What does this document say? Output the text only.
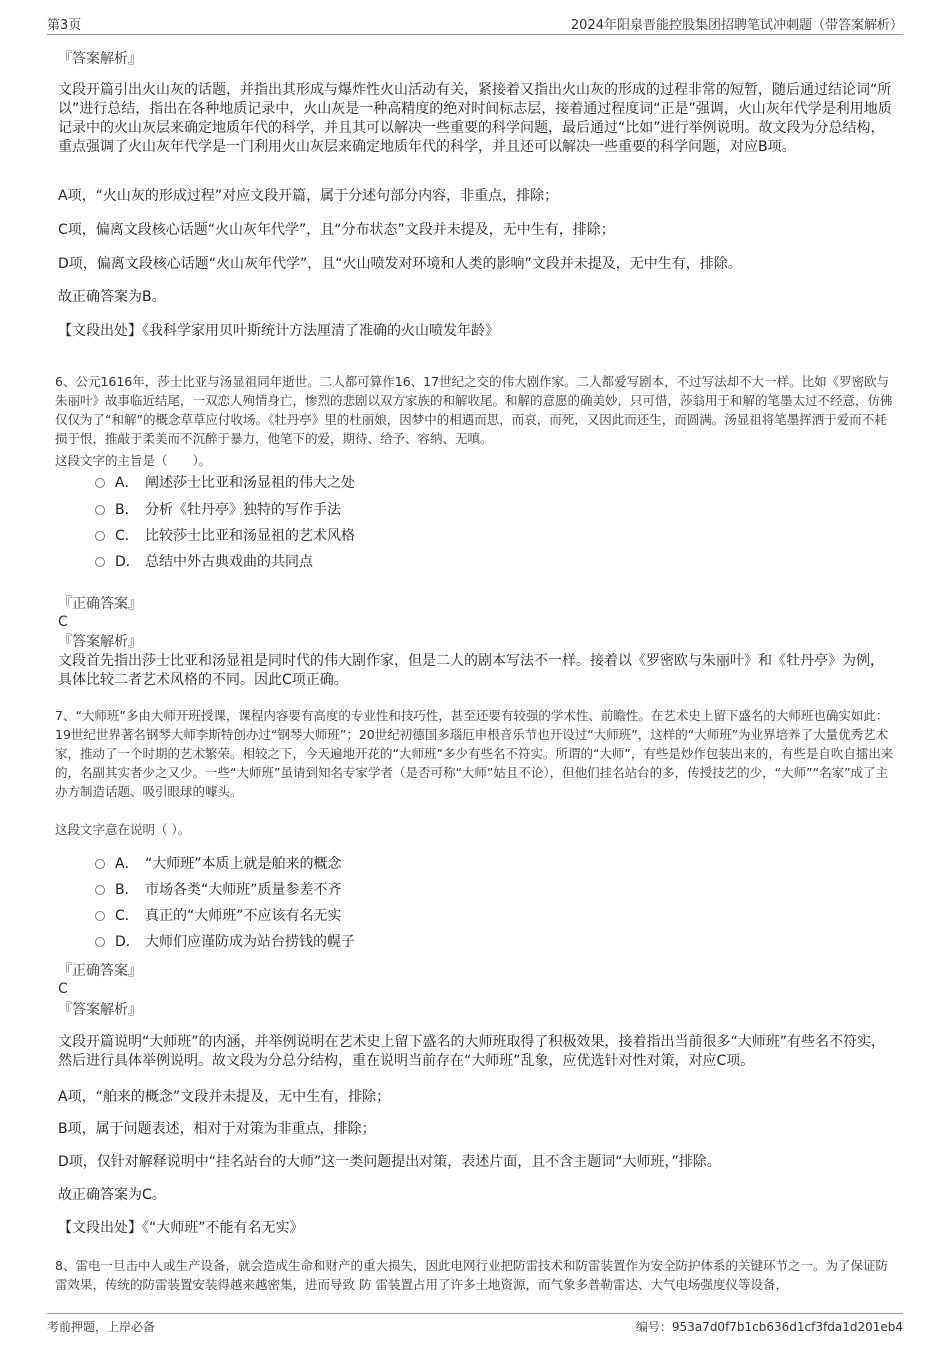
第3页	2024年阳泉晋能控股集团招聘笔试冲刺题（带答案解析）
『答案解析』

文段开篇引出火山灰的话题，并指出其形成与爆炸性火山活动有关，紧接着又指出火山灰的形成的过程非常的短暂，随后通过结论词“所以”进行总结，指出在各种地质记录中，火山灰是一种高精度的绝对时间标志层，接着通过程度词“正是”强调，火山灰年代学是利用地质记录中的火山灰层来确定地质年代的科学，并且其可以解决一些重要的科学问题，最后通过“比如”进行举例说明。故文段为分总结构，重点强调了火山灰年代学是一门利用火山灰层来确定地质年代的科学，并且还可以解决一些重要的科学问题，对应B项。

A项，“火山灰的形成过程”对应文段开篇，属于分述句部分内容，非重点，排除；

C项，偏离文段核心话题“火山灰年代学”，且“分布状态”文段并未提及，无中生有，排除；

D项，偏离文段核心话题“火山灰年代学”，且“火山喷发对环境和人类的影响”文段并未提及，无中生有，排除。

故正确答案为B。

【文段出处】《我科学家用贝叶斯统计方法厘清了准确的火山喷发年龄》

6、公元1616年，莎士比亚与汤显祖同年逝世。二人都可算作16、17世纪之交的伟大剧作家。二人都爱写剧本，不过写法却不大一样。比如《罗密欧与朱丽叶》故事临近结尾，一双恋人殉情身亡，惨烈的悲剧以双方家族的和解收尾。和解的意愿的确美妙，只可惜，莎翁用于和解的笔墨太过不经意，仿佛仅仅为了“和解”的概念草草应付收场。《牡丹亭》里的杜丽娘，因梦中的相遇而思，而哀，而死，又因此而还生，而圆满。汤显祖将笔墨挥洒于爱而不耗损于恨，推敲于柔美而不沉醉于暴力，他笔下的爱，期待、给予、容纳、无嗔。

这段文字的主旨是（　　）。

A． 阐述莎士比亚和汤显祖的伟大之处
B． 分析《牡丹亭》独特的写作手法
C． 比较莎士比亚和汤显祖的艺术风格
D． 总结中外古典戏曲的共同点
『正确答案』
C
『答案解析』

文段首先指出莎士比亚和汤显祖是同时代的伟大剧作家，但是二人的剧本写法不一样。接着以《罗密欧与朱丽叶》和《牡丹亭》为例，具体比较二者艺术风格的不同。因此C项正确。

7、“大师班”多由大师开班授课，课程内容要有高度的专业性和技巧性，甚至还要有较强的学术性、前瞻性。在艺术史上留下盛名的大师班也确实如此：19世纪世界著名钢琴大师李斯特创办过“钢琴大师班”；20世纪初德国多瑙厄申根音乐节也开设过“大师班”，这样的“大师班”为业界培养了大量优秀艺术家，推动了一个时期的艺术繁荣。相较之下，今天遍地开花的“大师班”多少有些名不符实。所谓的“大师”，有些是炒作包装出来的，有些是自吹自擂出来的，名副其实者少之又少。一些“大师班”虽请到知名专家学者（是否可称“大师”姑且不论），但他们挂名站台的多，传授技艺的少，“大师”“名家”成了主办方制造话题、吸引眼球的噱头。

这段文字意在说明（ ）。

A． “大师班”本质上就是舶来的概念
B． 市场各类“大师班”质量参差不齐
C． 真正的“大师班”不应该有名无实
D． 大师们应谨防成为站台捞钱的幌子
『正确答案』
C
『答案解析』

文段开篇说明“大师班”的内涵，并举例说明在艺术史上留下盛名的大师班取得了积极效果，接着指出当前很多“大师班”有些名不符实，然后进行具体举例说明。故文段为分总分结构，重在说明当前存在“大师班”乱象，应优选针对性对策，对应C项。

A项，“舶来的概念”文段并未提及，无中生有，排除；

B项，属于问题表述，相对于对策为非重点，排除；

D项，仅针对解释说明中“挂名站台的大师”这一类问题提出对策，表述片面，且不含主题词“大师班，”排除。

故正确答案为C。

【文段出处】《“大师班”不能有名无实》

8、雷电一旦击中人或生产设备，就会造成生命和财产的重大损失，因此电网行业把防雷技术和防雷装置作为安全防护体系的关键环节之一。为了保证防雷效果，传统的防雷装置安装得越来越密集，进而导致 防 雷装置占用了许多土地资源，而气象多普勒雷达、大气电场强度仪等设备，

考前押题，上岸必备	编号：953a7d0f7b1cb636d1cf3fda1d201eb4
